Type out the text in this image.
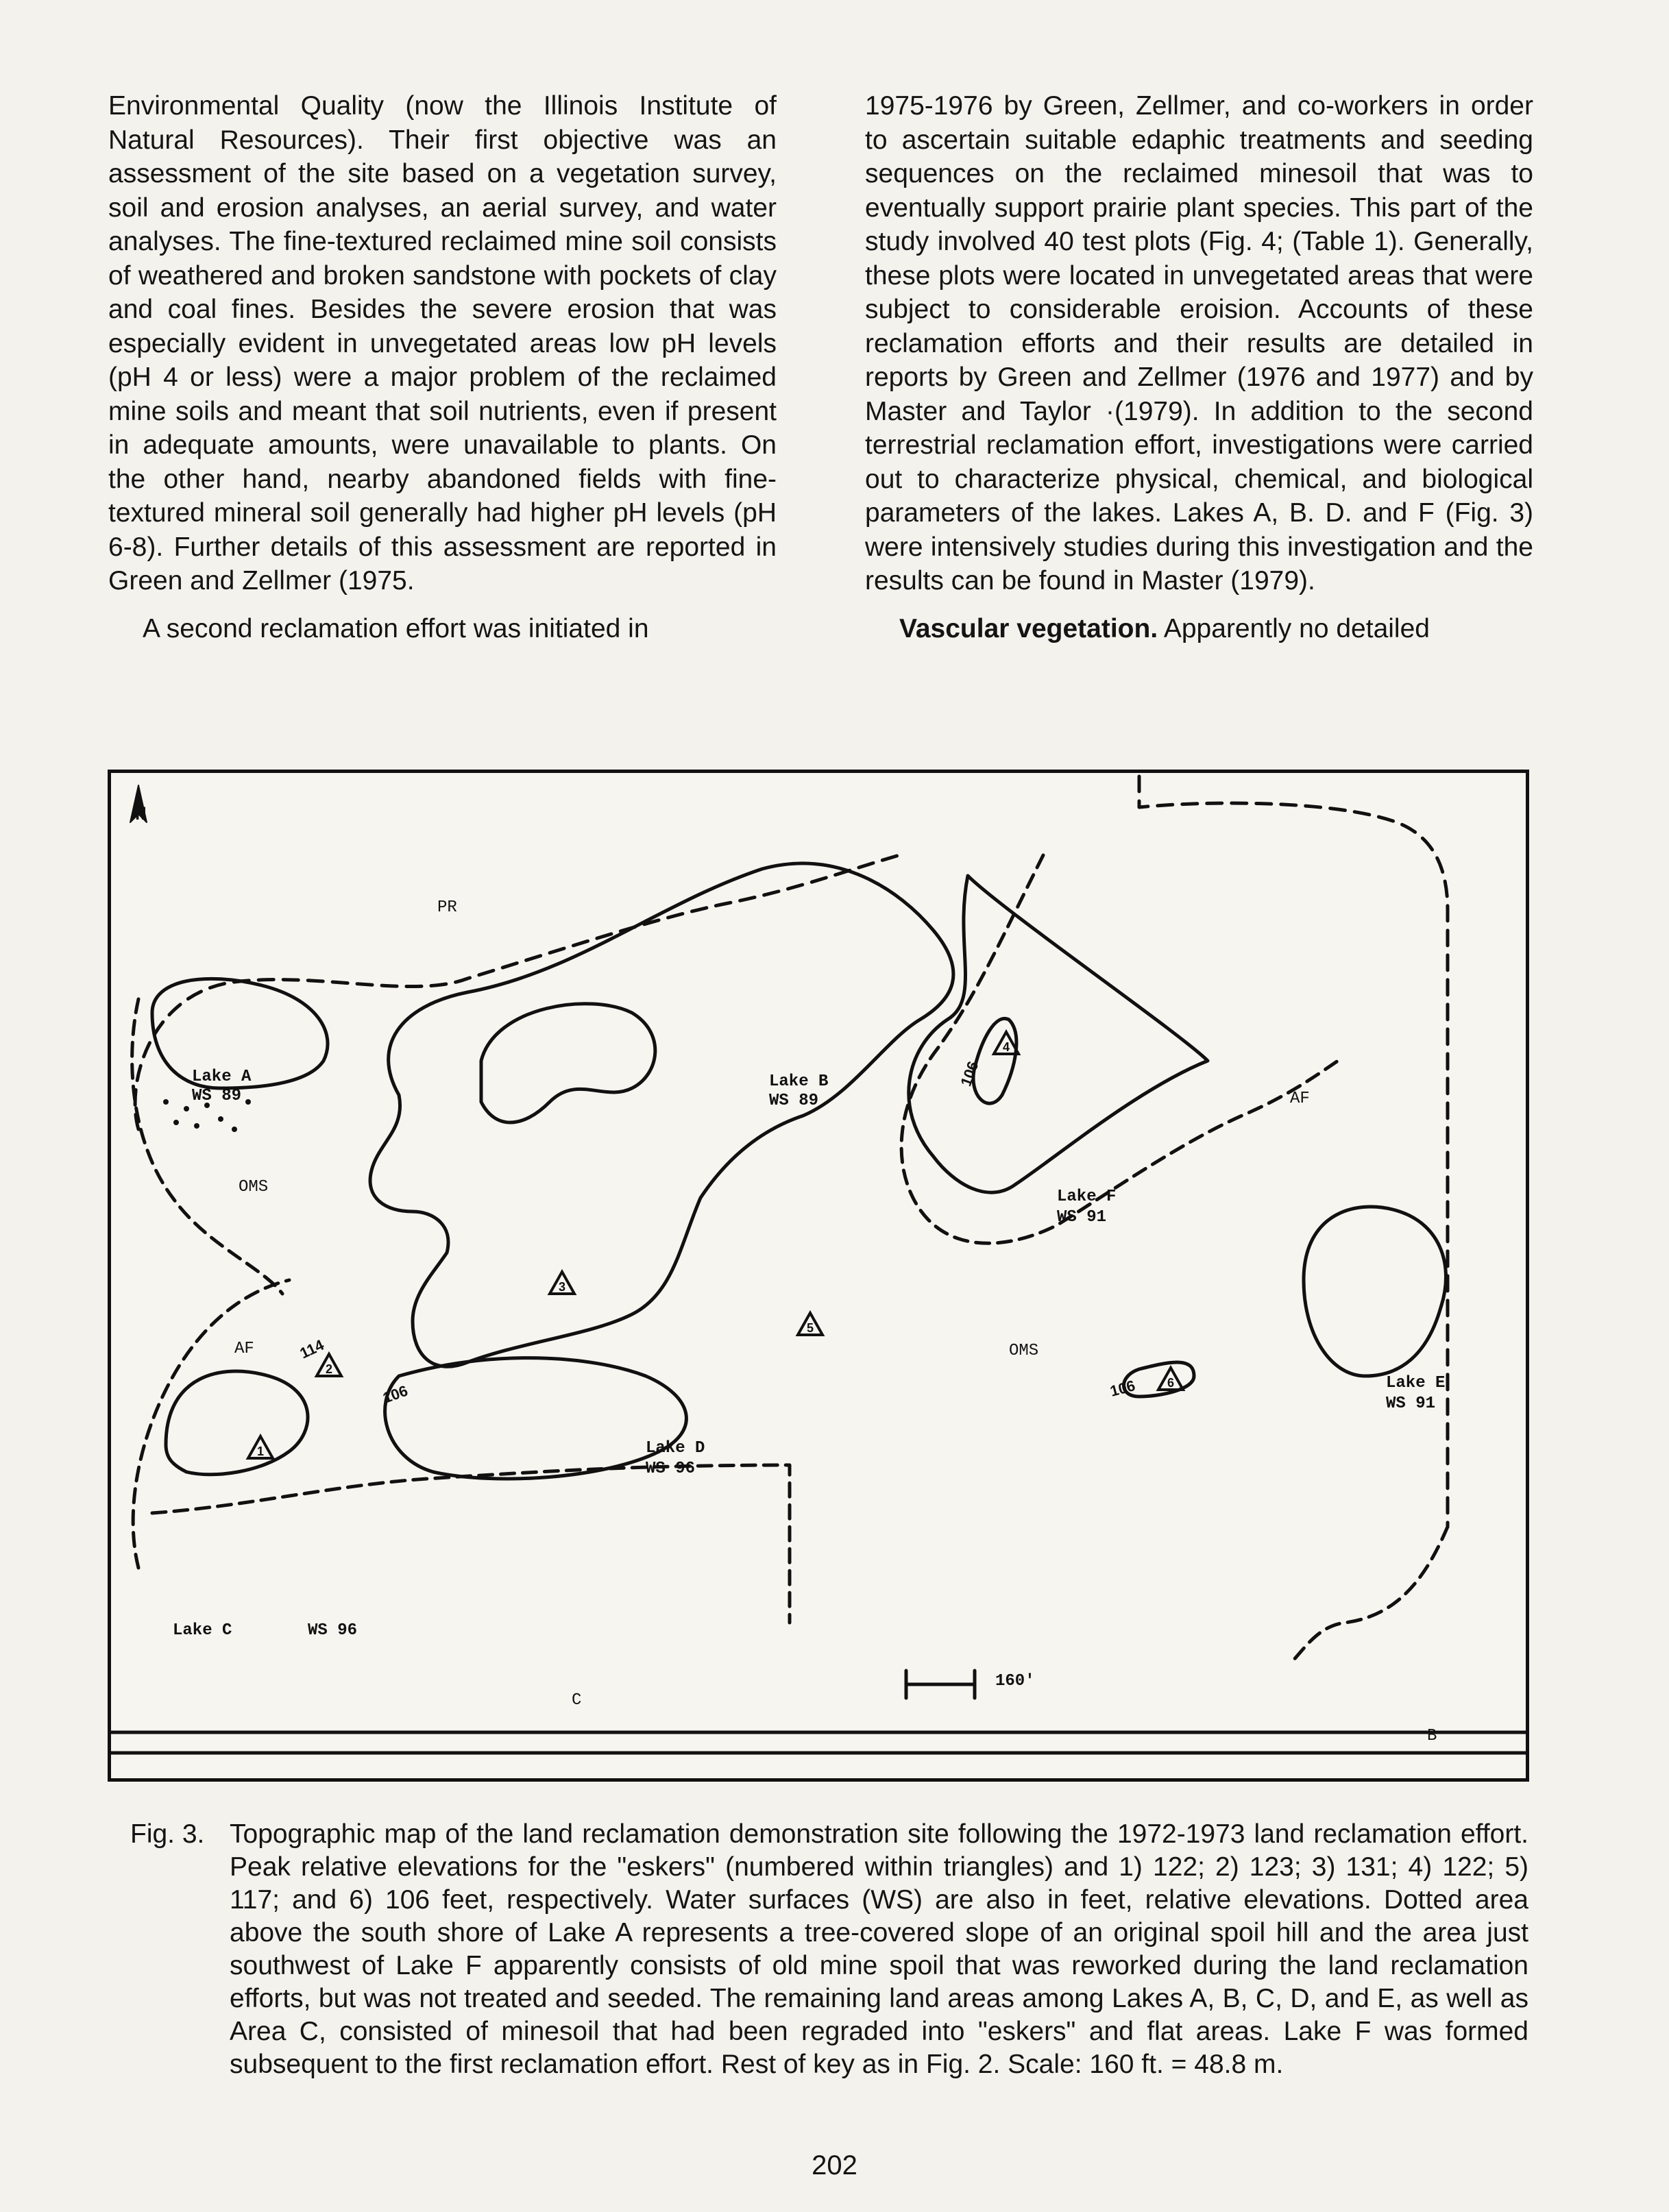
Environmental Quality (now the Illinois Institute of Natural Resources). Their first objective was an assessment of the site based on a vegetation survey, soil and erosion analyses, an aerial survey, and water analyses. The fine-textured reclaimed mine soil consists of weathered and broken sandstone with pockets of clay and coal fines. Besides the severe erosion that was especially evident in unvegetated areas low pH levels (pH 4 or less) were a major problem of the reclaimed mine soils and meant that soil nutrients, even if present in adequate amounts, were unavailable to plants. On the other hand, nearby abandoned fields with fine-textured mineral soil generally had higher pH levels (pH 6-8). Further details of this assessment are reported in Green and Zellmer (1975.

A second reclamation effort was initiated in

1975-1976 by Green, Zellmer, and co-workers in order to ascertain suitable edaphic treatments and seeding sequences on the reclaimed minesoil that was to eventually support prairie plant species. This part of the study involved 40 test plots (Fig. 4; (Table 1). Generally, these plots were located in unvegetated areas that were subject to considerable eroision. Accounts of these reclamation efforts and their results are detailed in reports by Green and Zellmer (1976 and 1977) and by Master and Taylor ·(1979). In addition to the second terrestrial reclamation effort, investigations were carried out to characterize physical, chemical, and biological parameters of the lakes. Lakes A, B. D. and F (Fig. 3) were intensively studies during this investigation and the results can be found in Master (1979).

Vascular vegetation. Apparently no detailed

1
2
3
4
5
6
106
114
106	106
N
PR
AF
AF
Lake A
WS 89
OMS
Lake B
WS 89
Lake F
WS 91
OMS
Lake E
WS 91
Lake D
WS 96
Lake C	WS 96
C
B
160'
Fig. 3. Topographic map of the land reclamation demonstration site following the 1972-1973 land reclamation effort. Peak relative elevations for the "eskers" (numbered within triangles) and 1) 122; 2) 123; 3) 131; 4) 122; 5) 117; and 6) 106 feet, respectively. Water surfaces (WS) are also in feet, relative elevations. Dotted area above the south shore of Lake A represents a tree-covered slope of an original spoil hill and the area just southwest of Lake F apparently consists of old mine spoil that was reworked during the land reclamation efforts, but was not treated and seeded. The remaining land areas among Lakes A, B, C, D, and E, as well as Area C, consisted of minesoil that had been regraded into "eskers" and flat areas. Lake F was formed subsequent to the first reclamation effort. Rest of key as in Fig. 2. Scale: 160 ft. = 48.8 m.
202
